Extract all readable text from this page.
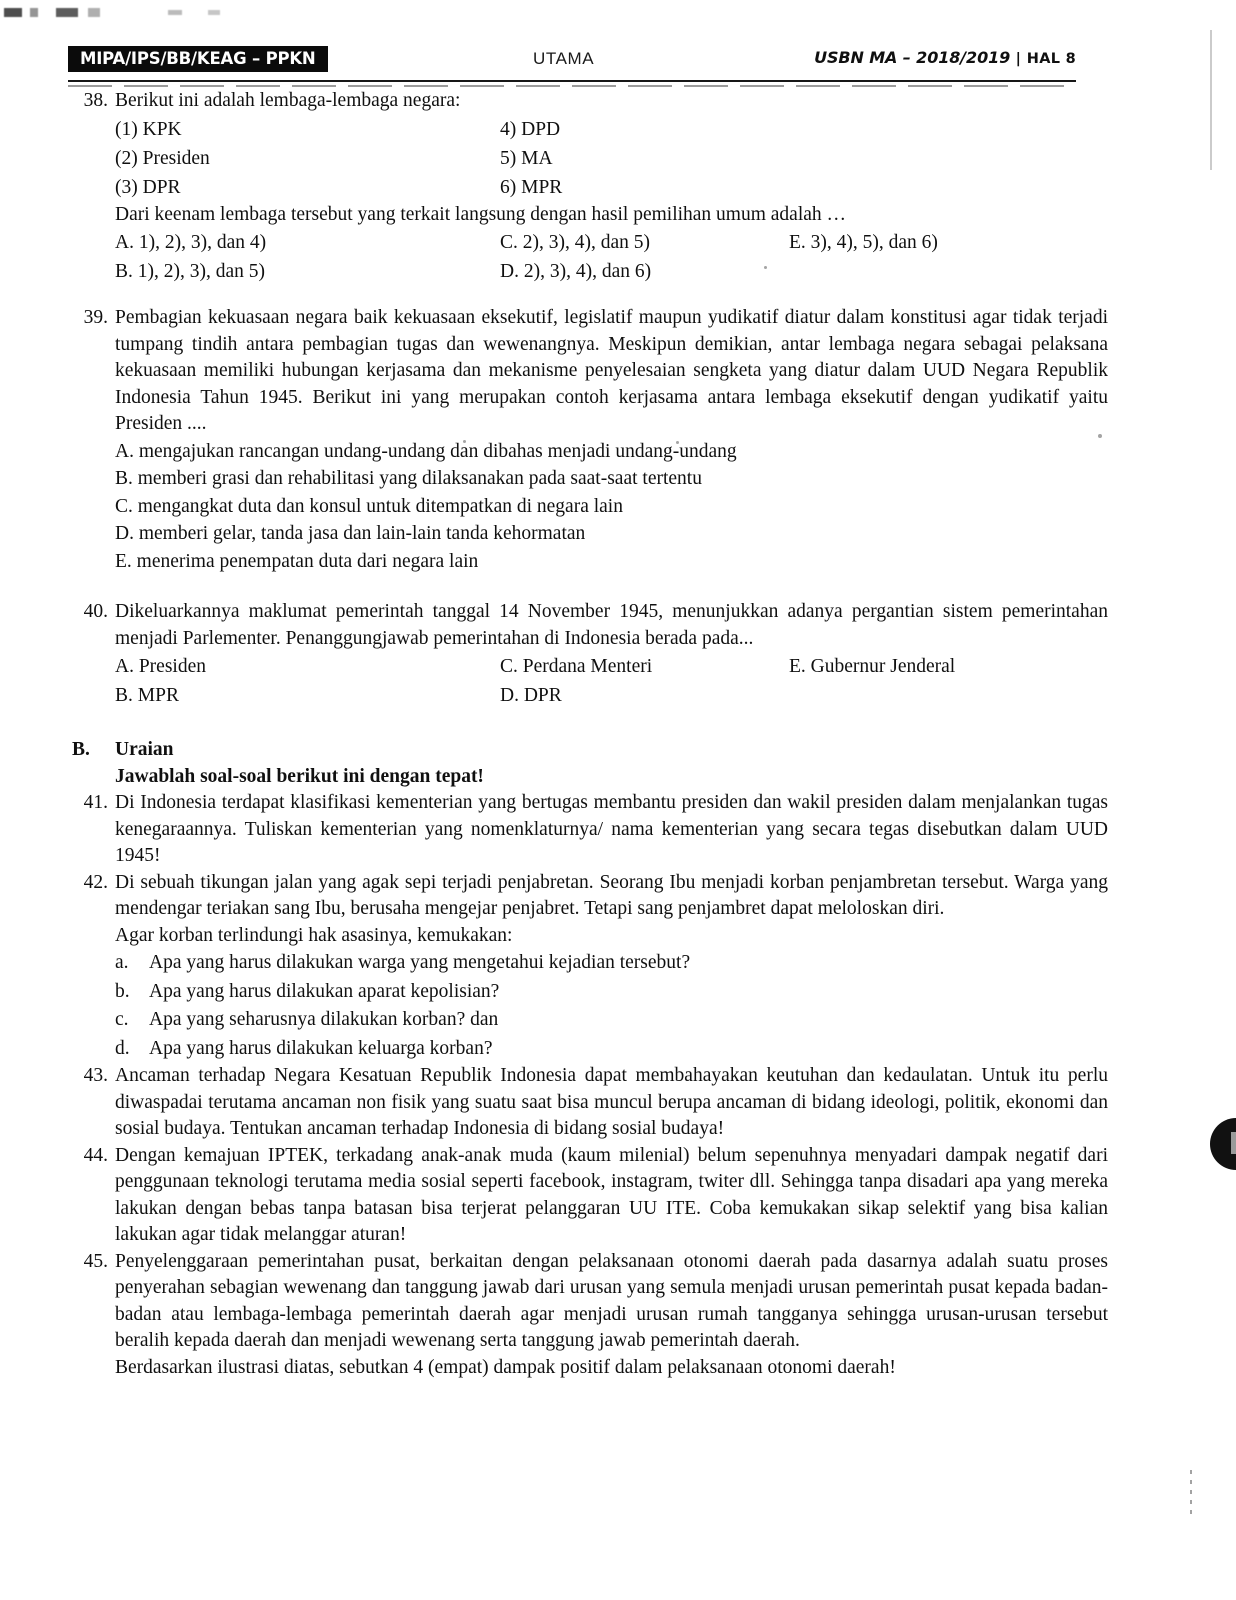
MIPA/IPS/BB/KEAG – PPKN	UTAMA	USBN MA – 2018/2019 | HAL 8
38. Berikut ini adalah lembaga-lembaga negara:
(1) KPK	4) DPD
(2) Presiden	5) MA
(3) DPR	6) MPR
Dari keenam lembaga tersebut yang terkait langsung dengan hasil pemilihan umum adalah …
A. 1), 2), 3), dan 4)	C. 2), 3), 4), dan 5)	E. 3), 4), 5), dan 6)
B. 1), 2), 3), dan 5)	D. 2), 3), 4), dan 6)
39. Pembagian kekuasaan negara baik kekuasaan eksekutif, legislatif maupun yudikatif diatur dalam konstitusi agar tidak terjadi tumpang tindih antara pembagian tugas dan wewenangnya. Meskipun demikian, antar lembaga negara sebagai pelaksana kekuasaan memiliki hubungan kerjasama dan mekanisme penyelesaian sengketa yang diatur dalam UUD Negara Republik Indonesia Tahun 1945. Berikut ini yang merupakan contoh kerjasama antara lembaga eksekutif dengan yudikatif yaitu Presiden ....
A. mengajukan rancangan undang-undang dan dibahas menjadi undang-undang
B. memberi grasi dan rehabilitasi yang dilaksanakan pada saat-saat tertentu
C. mengangkat duta dan konsul untuk ditempatkan di negara lain
D. memberi gelar, tanda jasa dan lain-lain tanda kehormatan
E. menerima penempatan duta dari negara lain
40. Dikeluarkannya maklumat pemerintah tanggal 14 November 1945, menunjukkan adanya pergantian sistem pemerintahan menjadi Parlementer. Penanggungjawab pemerintahan di Indonesia berada pada...
A. Presiden	C. Perdana Menteri	E. Gubernur Jenderal
B. MPR	D. DPR
B. Uraian
Jawablah soal-soal berikut ini dengan tepat!
41. Di Indonesia terdapat klasifikasi kementerian yang bertugas membantu presiden dan wakil presiden dalam menjalankan tugas kenegaraannya. Tuliskan kementerian yang nomenklaturnya/ nama kementerian yang secara tegas disebutkan dalam UUD 1945!
42. Di sebuah tikungan jalan yang agak sepi terjadi penjabretan. Seorang Ibu menjadi korban penjambretan tersebut. Warga yang mendengar teriakan sang Ibu, berusaha mengejar penjabret. Tetapi sang penjambret dapat meloloskan diri.
Agar korban terlindungi hak asasinya, kemukakan:
a.	Apa yang harus dilakukan warga yang mengetahui kejadian tersebut?
b. Apa yang harus dilakukan aparat kepolisian?
c.	Apa yang seharusnya dilakukan korban? dan
d. Apa yang harus dilakukan keluarga korban?
43. Ancaman terhadap Negara Kesatuan Republik Indonesia dapat membahayakan keutuhan dan kedaulatan. Untuk itu perlu diwaspadai terutama ancaman non fisik yang suatu saat bisa muncul berupa ancaman di bidang ideologi, politik, ekonomi dan sosial budaya. Tentukan ancaman terhadap Indonesia di bidang sosial budaya!
44. Dengan kemajuan IPTEK, terkadang anak-anak muda (kaum milenial) belum sepenuhnya menyadari dampak negatif dari penggunaan teknologi terutama media sosial seperti facebook, instagram, twiter dll. Sehingga tanpa disadari apa yang mereka lakukan dengan bebas tanpa batasan bisa terjerat pelanggaran UU ITE. Coba kemukakan sikap selektif yang bisa kalian lakukan agar tidak melanggar aturan!
45. Penyelenggaraan pemerintahan pusat, berkaitan dengan pelaksanaan otonomi daerah pada dasarnya adalah suatu proses penyerahan sebagian wewenang dan tanggung jawab dari urusan yang semula menjadi urusan pemerintah pusat kepada badan-badan atau lembaga-lembaga pemerintah daerah agar menjadi urusan rumah tangganya sehingga urusan-urusan tersebut beralih kepada daerah dan menjadi wewenang serta tanggung jawab pemerintah daerah.
Berdasarkan ilustrasi diatas, sebutkan 4 (empat) dampak positif dalam pelaksanaan otonomi daerah!
